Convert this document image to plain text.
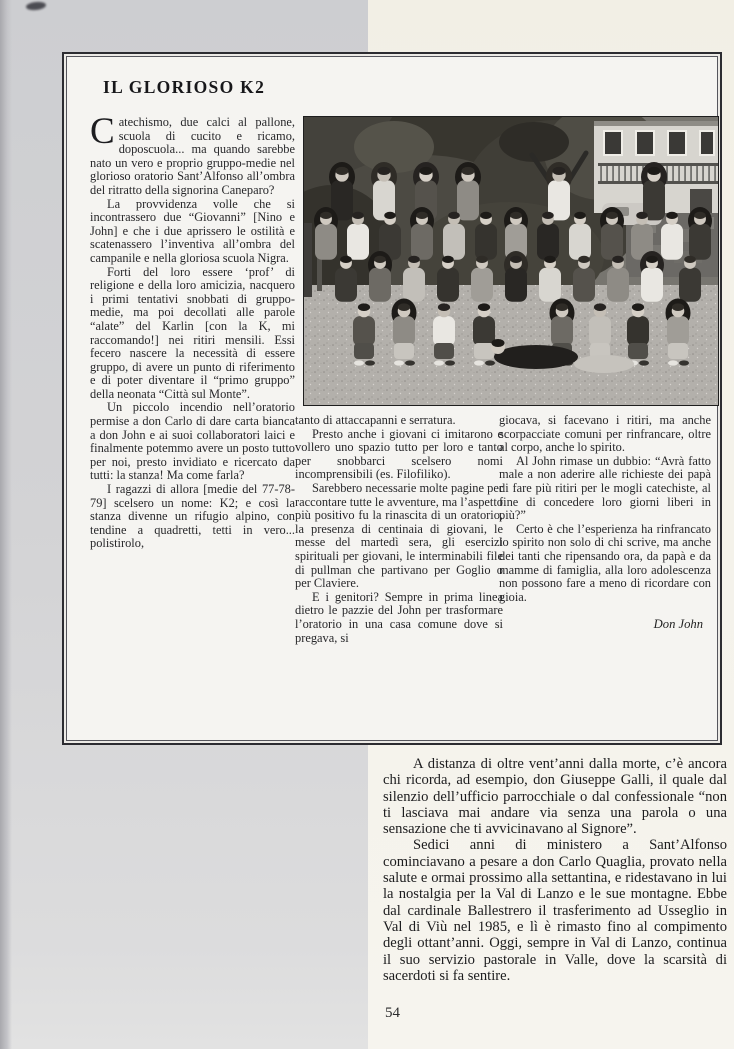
IL GLORIOSO K2

Catechismo, due calci al pallone, scuola di cucito e ricamo, doposcuola... ma quando sarebbe nato un vero e proprio gruppo-medie nel glorioso oratorio Sant’Alfonso all’ombra del ritratto della signorina Caneparo?

La provvidenza volle che si incontrassero due “Giovanni” [Nino e John] e che i due aprissero le ostilità e scatenassero l’inventiva all’ombra del campanile e nella gloriosa scuola Nigra.

Forti del loro essere ‘prof’ di religione e della loro amicizia, nacquero i primi tentativi snobbati di gruppo-medie, ma poi decollati alle parole “alate” del Karlin [con la K, mi raccomando!] nei ritiri mensili. Essi fecero nascere la necessità di essere gruppo, di avere un punto di riferimento e di poter diventare il “primo gruppo” della neonata “Città sul Monte”.

Un piccolo incendio nell’oratorio permise a don Carlo di dare carta bianca a don John e ai suoi collaboratori laici e finalmente potemmo avere un posto tutto per noi, presto invidiato e ricercato da tutti: la stanza! Ma come farla?

I ragazzi di allora [medie del 77-78-79] scelsero un nome: K2; e così la stanza divenne un rifugio alpino, con tendine a quadretti, tetti in vero... polistirolo,

tanto di attaccapanni e serratura.

Presto anche i giovani ci imitarono e vollero uno spazio tutto per loro e tanto per snobbarci scelsero nomi incomprensibili (es. Filofiliko).

Sarebbero necessarie molte pagine per raccontare tutte le avventure, ma l’aspetto più positivo fu la rinascita di un oratorio, la presenza di centinaia di giovani, le messe del martedì sera, gli esercizi spirituali per giovani, le interminabili file di pullman che partivano per Goglio o per Claviere.

E i genitori? Sempre in prima linea dietro le pazzie del John per trasformare l’oratorio in una casa comune dove si pregava, si

giocava, si facevano i ritiri, ma anche scorpacciate comuni per rinfrancare, oltre al corpo, anche lo spirito.

Al John rimase un dubbio: “Avrà fatto male a non aderire alle richieste dei papà di fare più ritiri per le mogli catechiste, al fine di concedere loro giorni liberi in più?”

Certo è che l’esperienza ha rinfrancato lo spirito non solo di chi scrive, ma anche dei tanti che ripensando ora, da papà e da mamme di famiglia, alla loro adolescenza non possono fare a meno di ricordare con gioia.

Don John

A distanza di oltre vent’anni dalla morte, c’è ancora chi ricorda, ad esempio, don Giuseppe Galli, il quale dal silenzio dell’ufficio parrocchiale o dal confessionale “non ti lasciava mai andare via senza una parola o una sensazione che ti avvicinavano al Signore”.

Sedici anni di ministero a Sant’Alfonso cominciavano a pesare a don Carlo Quaglia, provato nella salute e ormai prossimo alla settantina, e ridestavano in lui la nostalgia per la Val di Lanzo e le sue montagne. Ebbe dal cardinale Ballestrero il trasferimento ad Usseglio in Val di Viù nel 1985, e lì è rimasto fino al compimento degli ottant’anni. Oggi, sempre in Val di Lanzo, continua il suo servizio pastorale in Valle, dove la scarsità di sacerdoti si fa sentire.

54
